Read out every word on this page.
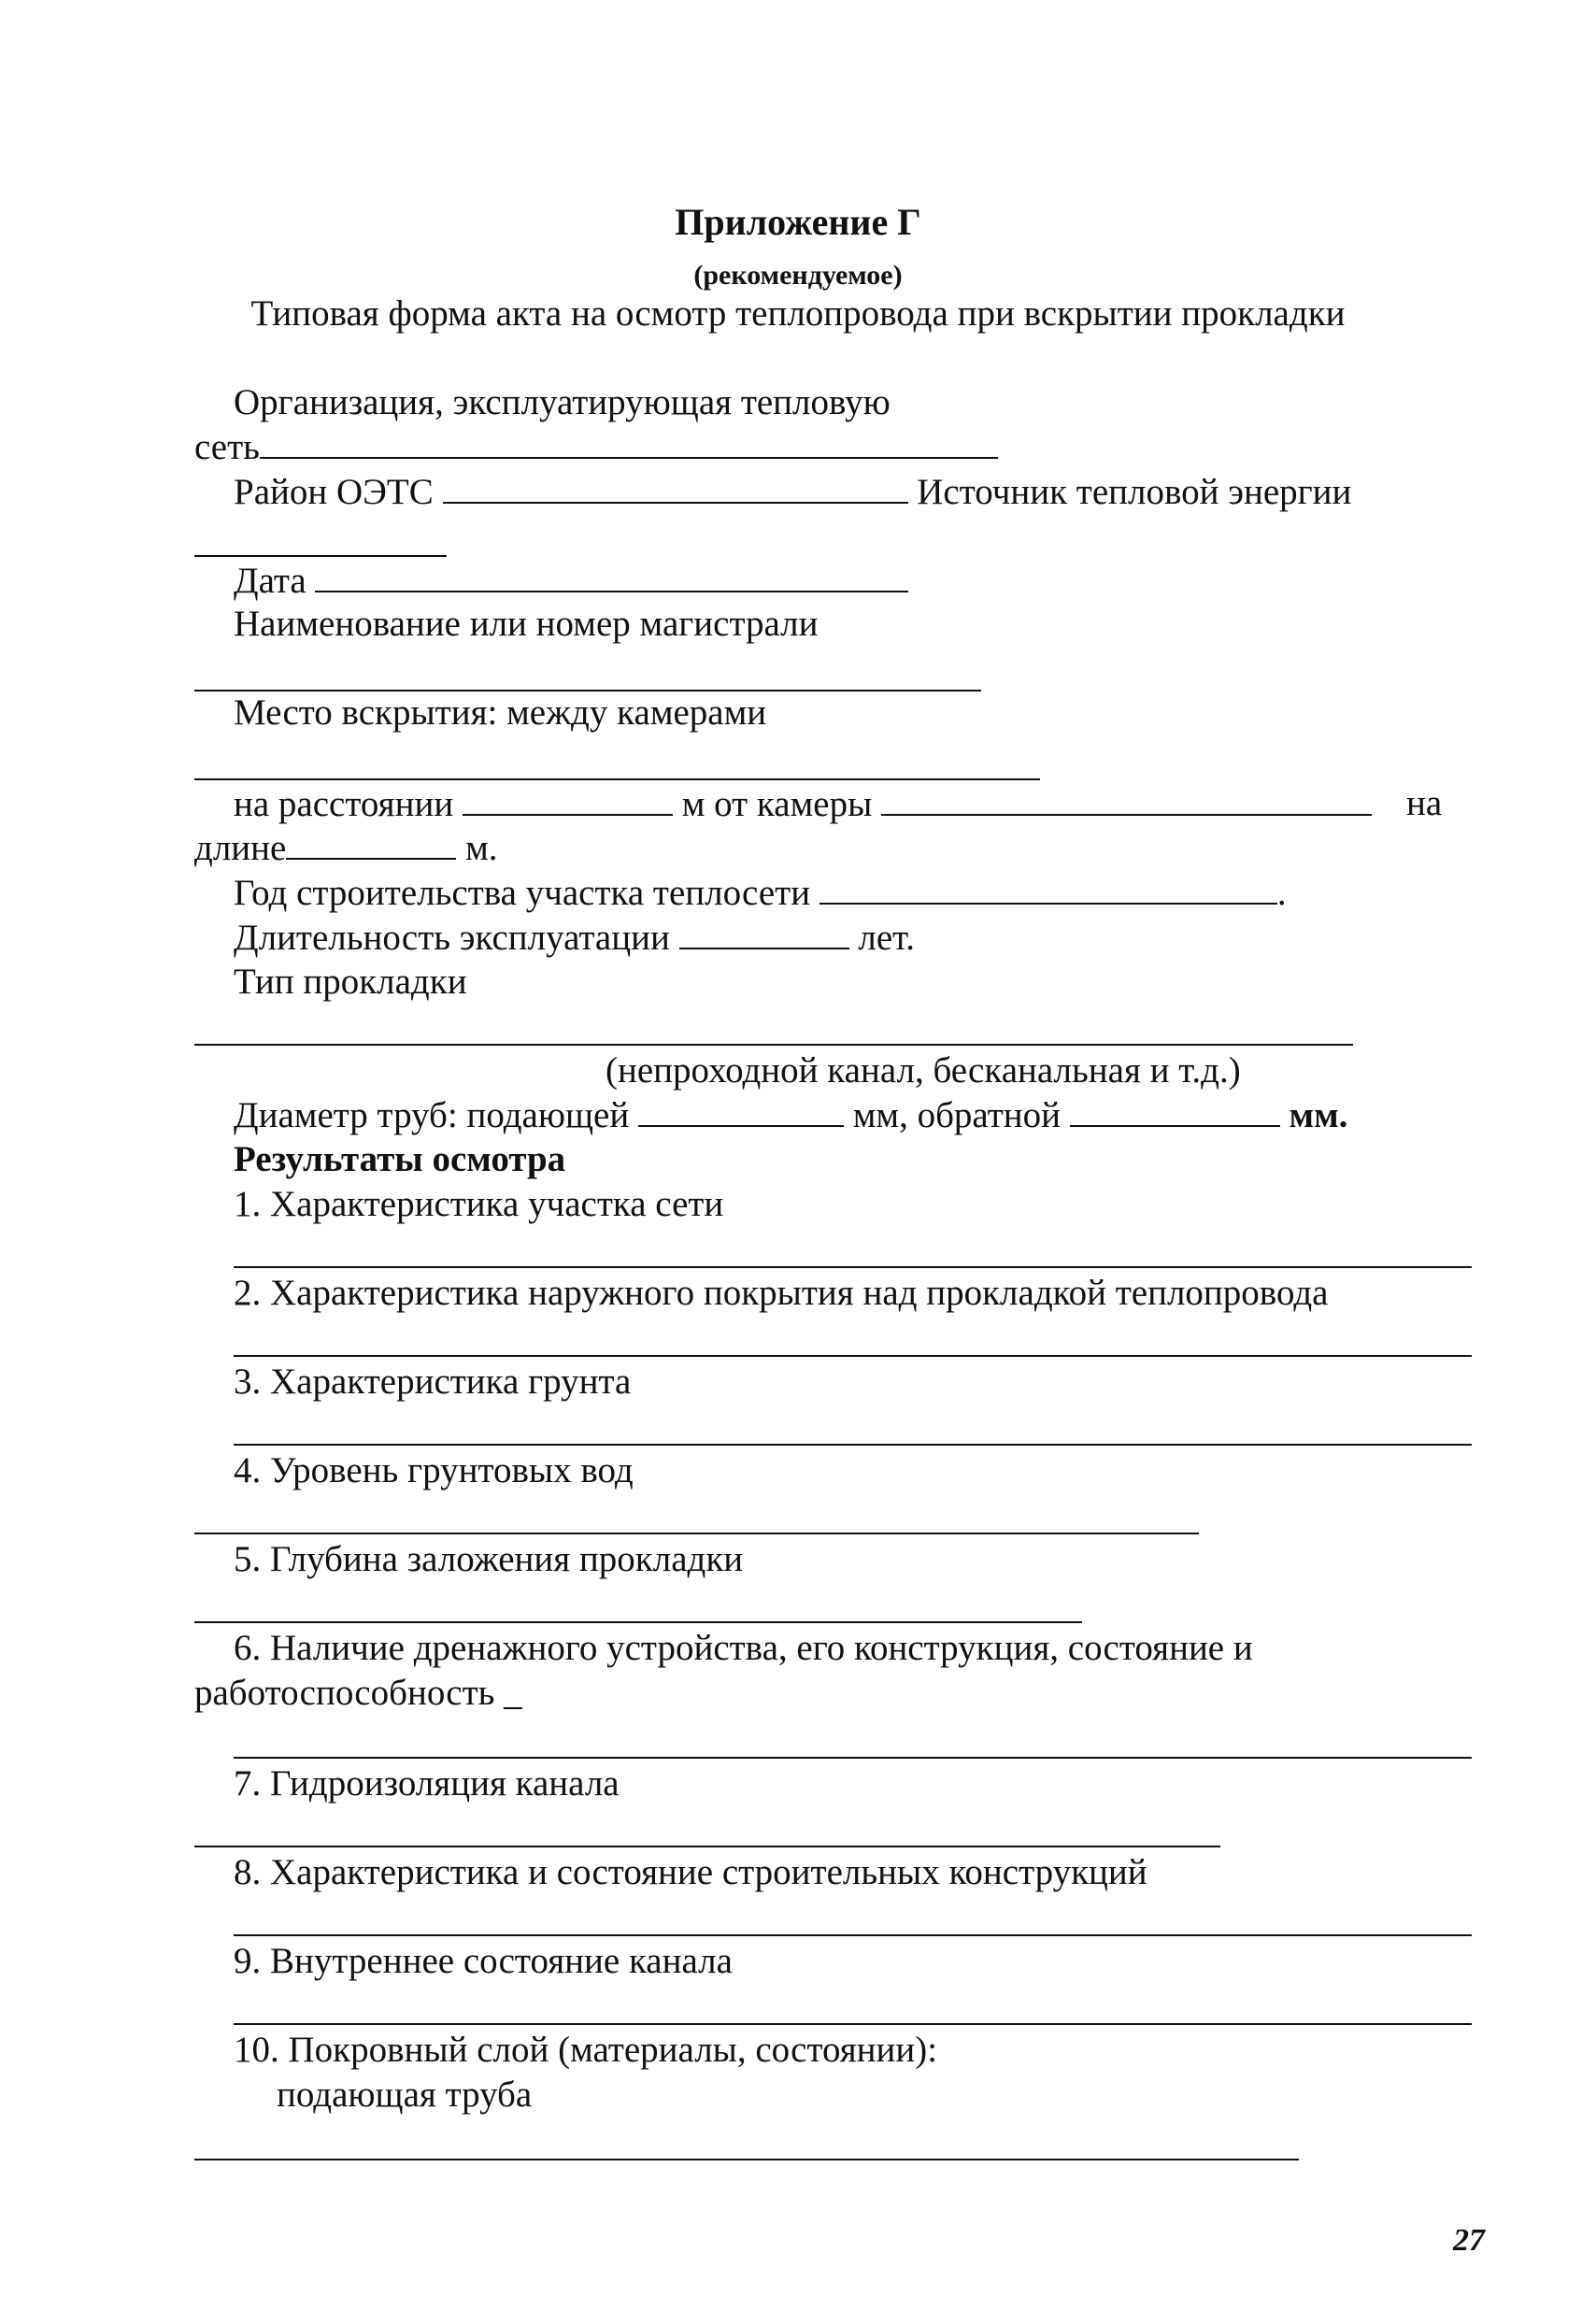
Приложение Г
(рекомендуемое)
Типовая форма акта на осмотр теплопровода при вскрытии прокладки
Организация, эксплуатирующая тепловую
сеть
Район ОЭТС	Источник тепловой энергии
Дата
Наименование или номер магистрали
Место вскрытия: между камерами
на расстоянии	м от камеры	на
длине	м.
Год строительства участка теплосети	.
Длительность эксплуатации	лет.
Тип прокладки
(непроходной канал, бесканальная и т.д.)
Диаметр труб: подающей	мм, обратной	мм.
Результаты осмотра
1. Характеристика участка сети
2. Характеристика наружного покрытия над прокладкой теплопровода
3. Характеристика грунта
4. Уровень грунтовых вод
5. Глубина заложения прокладки
6. Наличие дренажного устройства, его конструкция, состояние и
работоспособность _
7. Гидроизоляция канала
8. Характеристика и состояние строительных конструкций
9. Внутреннее состояние канала
10. Покровный слой (материалы, состоянии):
подающая труба
27
